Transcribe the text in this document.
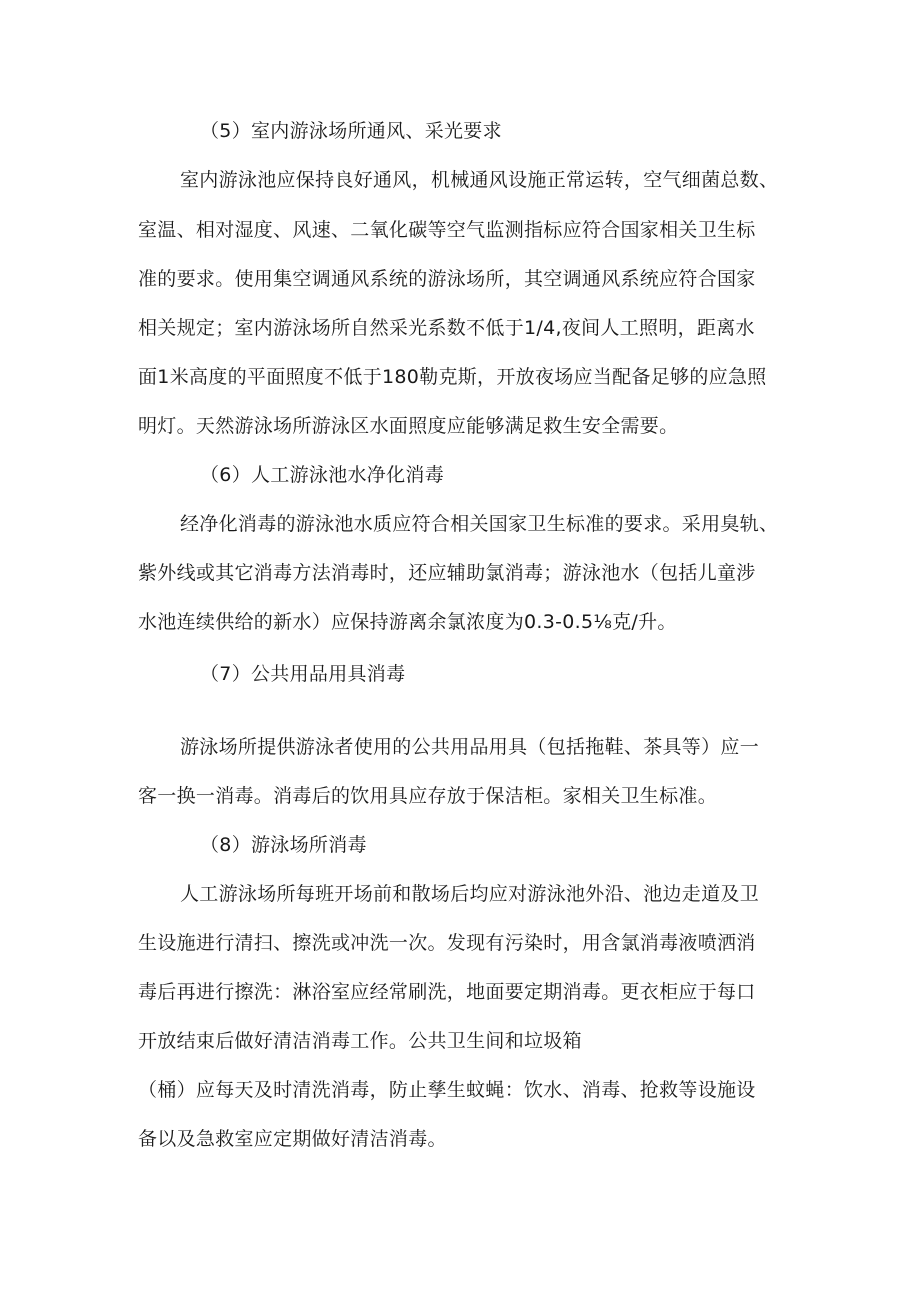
（5）室内游泳场所通风、采光要求
室内游泳池应保持良好通风，机械通风设施正常运转，空气细菌总数、
室温、相对湿度、风速、二氧化碳等空气监测指标应符合国家相关卫生标
准的要求。使用集空调通风系统的游泳场所，其空调通风系统应符合国家
相关规定；室内游泳场所自然采光系数不低于1/4,夜间人工照明，距离水
面1米高度的平面照度不低于180勒克斯，开放夜场应当配备足够的应急照
明灯。天然游泳场所游泳区水面照度应能够满足救生安全需要。
（6）人工游泳池水净化消毒
经净化消毒的游泳池水质应符合相关国家卫生标准的要求。采用臭轨、
紫外线或其它消毒方法消毒时，还应辅助氯消毒；游泳池水（包括儿童涉
水池连续供给的新水）应保持游离余氯浓度为0.3-0.5⅛克/升。
（7）公共用品用具消毒
游泳场所提供游泳者使用的公共用品用具（包括拖鞋、茶具等）应一
客一换一消毒。消毒后的饮用具应存放于保洁柜。家相关卫生标准。
（8）游泳场所消毒
人工游泳场所每班开场前和散场后均应对游泳池外沿、池边走道及卫
生设施进行清扫、擦洗或冲洗一次。发现有污染时，用含氯消毒液喷洒消
毒后再进行擦洗：淋浴室应经常刷洗，地面要定期消毒。更衣柜应于每口
开放结束后做好清洁消毒工作。公共卫生间和垃圾箱
（桶）应每天及时清洗消毒，防止孳生蚊蝇：饮水、消毒、抢救等设施设
备以及急救室应定期做好清洁消毒。
